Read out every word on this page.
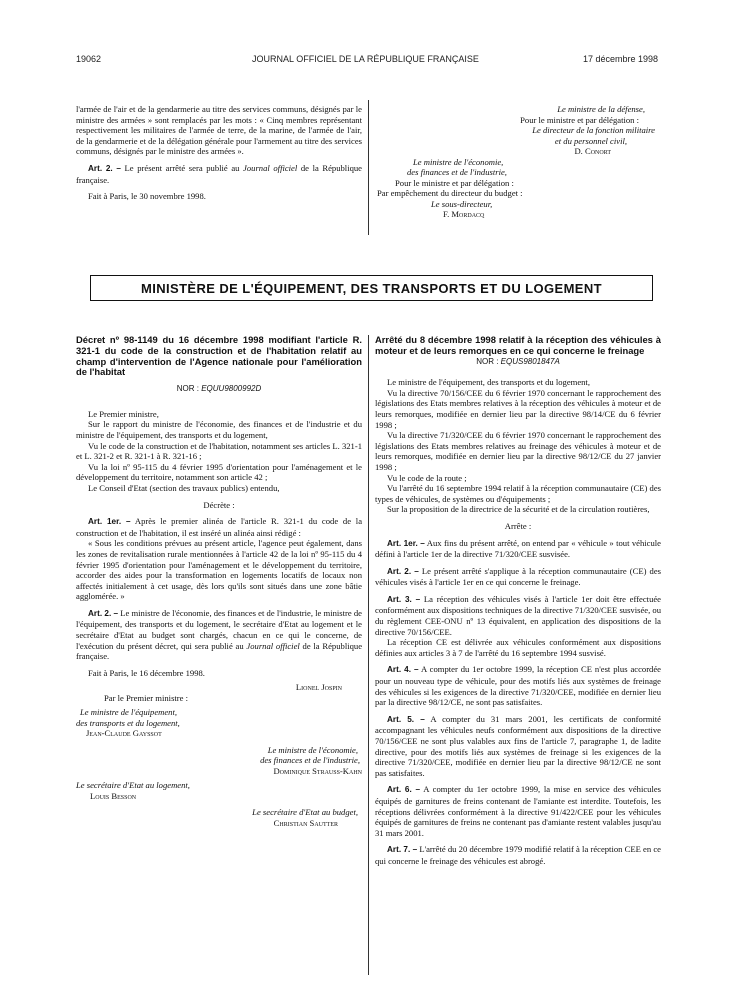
19062	JOURNAL OFFICIEL DE LA RÉPUBLIQUE FRANÇAISE	17 décembre 1998

l'armée de l'air et de la gendarmerie au titre des services communs, désignés par le ministre des armées » sont remplacés par les mots : « Cinq membres représentant respectivement les militaires de l'armée de terre, de la marine, de l'armée de l'air, de la gendarmerie et de la délégation générale pour l'armement au titre des services communs, désignés par le ministre des armées ».

Art. 2. – Le présent arrêté sera publié au Journal officiel de la République française.

Fait à Paris, le 30 novembre 1998.

Le ministre de la défense,
Pour le ministre et par délégation :
Le directeur de la fonction militaire
et du personnel civil,
D. Conort
Le ministre de l'économie,
des finances et de l'industrie,
Pour le ministre et par délégation :
Par empêchement du directeur du budget :
Le sous-directeur,
F. Mordacq
MINISTÈRE DE L'ÉQUIPEMENT, DES TRANSPORTS ET DU LOGEMENT

Décret nº 98-1149 du 16 décembre 1998 modifiant l'article R. 321-1 du code de la construction et de l'habitation relatif au champ d'intervention de l'Agence nationale pour l'amélioration de l'habitat

NOR : EQUU9800992D

Le Premier ministre,

Sur le rapport du ministre de l'économie, des finances et de l'industrie et du ministre de l'équipement, des transports et du logement,

Vu le code de la construction et de l'habitation, notamment ses articles L. 321-1 et L. 321-2 et R. 321-1 à R. 321-16 ;

Vu la loi nº 95-115 du 4 février 1995 d'orientation pour l'aménagement et le développement du territoire, notamment son article 42 ;

Le Conseil d'Etat (section des travaux publics) entendu,

Décrète :

Art. 1er. – Après le premier alinéa de l'article R. 321-1 du code de la construction et de l'habitation, il est inséré un alinéa ainsi rédigé :

« Sous les conditions prévues au présent article, l'agence peut également, dans les zones de revitalisation rurale mentionnées à l'article 42 de la loi nº 95-115 du 4 février 1995 d'orientation pour l'aménagement et le développement du territoire, accorder des aides pour la transformation en logements locatifs de locaux non affectés initialement à cet usage, dès lors qu'ils sont situés dans une zone bâtie agglomérée. »

Art. 2. – Le ministre de l'économie, des finances et de l'industrie, le ministre de l'équipement, des transports et du logement, le secrétaire d'Etat au logement et le secrétaire d'Etat au budget sont chargés, chacun en ce qui le concerne, de l'exécution du présent décret, qui sera publié au Journal officiel de la République française.

Fait à Paris, le 16 décembre 1998.

Lionel Jospin
Par le Premier ministre :
Le ministre de l'équipement,
des transports et du logement,
Jean-Claude Gayssot
Le ministre de l'économie,
des finances et de l'industrie,
Dominique Strauss-Kahn
Le secrétaire d'Etat au logement,
Louis Besson
Le secrétaire d'Etat au budget,
Christian Sautter

Arrêté du 8 décembre 1998 relatif à la réception des véhicules à moteur et de leurs remorques en ce qui concerne le freinage

NOR : EQUS9801847A

Le ministre de l'équipement, des transports et du logement,

Vu la directive 70/156/CEE du 6 février 1970 concernant le rapprochement des législations des Etats membres relatives à la réception des véhicules à moteur et de leurs remorques, modifiée en dernier lieu par la directive 98/14/CE du 6 février 1998 ;

Vu la directive 71/320/CEE du 6 février 1970 concernant le rapprochement des législations des Etats membres relatives au freinage des véhicules à moteur et de leurs remorques, modifiée en dernier lieu par la directive 98/12/CE du 27 janvier 1998 ;

Vu le code de la route ;

Vu l'arrêté du 16 septembre 1994 relatif à la réception communautaire (CE) des types de véhicules, de systèmes ou d'équipements ;

Sur la proposition de la directrice de la sécurité et de la circulation routières,

Arrête :

Art. 1er. – Aux fins du présent arrêté, on entend par « véhicule » tout véhicule défini à l'article 1er de la directive 71/320/CEE susvisée.

Art. 2. – Le présent arrêté s'applique à la réception communautaire (CE) des véhicules visés à l'article 1er en ce qui concerne le freinage.

Art. 3. – La réception des véhicules visés à l'article 1er doit être effectuée conformément aux dispositions techniques de la directive 71/320/CEE susvisée, ou du règlement CEE-ONU nº 13 équivalent, en application des dispositions de la directive 70/156/CEE.

La réception CE est délivrée aux véhicules conformément aux dispositions définies aux articles 3 à 7 de l'arrêté du 16 septembre 1994 susvisé.

Art. 4. – A compter du 1er octobre 1999, la réception CE n'est plus accordée pour un nouveau type de véhicule, pour des motifs liés aux systèmes de freinage des véhicules si les exigences de la directive 71/320/CEE, modifiée en dernier lieu par la directive 98/12/CE, ne sont pas satisfaites.

Art. 5. – A compter du 31 mars 2001, les certificats de conformité accompagnant les véhicules neufs conformément aux dispositions de la directive 70/156/CEE ne sont plus valables aux fins de l'article 7, paragraphe 1, de ladite directive, pour des motifs liés aux systèmes de freinage si les exigences de la directive 71/320/CEE, modifiée en dernier lieu par la directive 98/12/CE ne sont pas satisfaites.

Art. 6. – A compter du 1er octobre 1999, la mise en service des véhicules équipés de garnitures de freins contenant de l'amiante est interdite. Toutefois, les réceptions délivrées conformément à la directive 91/422/CEE pour les véhicules équipés de garnitures de freins ne contenant pas d'amiante restent valables jusqu'au 31 mars 2001.

Art. 7. – L'arrêté du 20 décembre 1979 modifié relatif à la réception CEE en ce qui concerne le freinage des véhicules est abrogé.
